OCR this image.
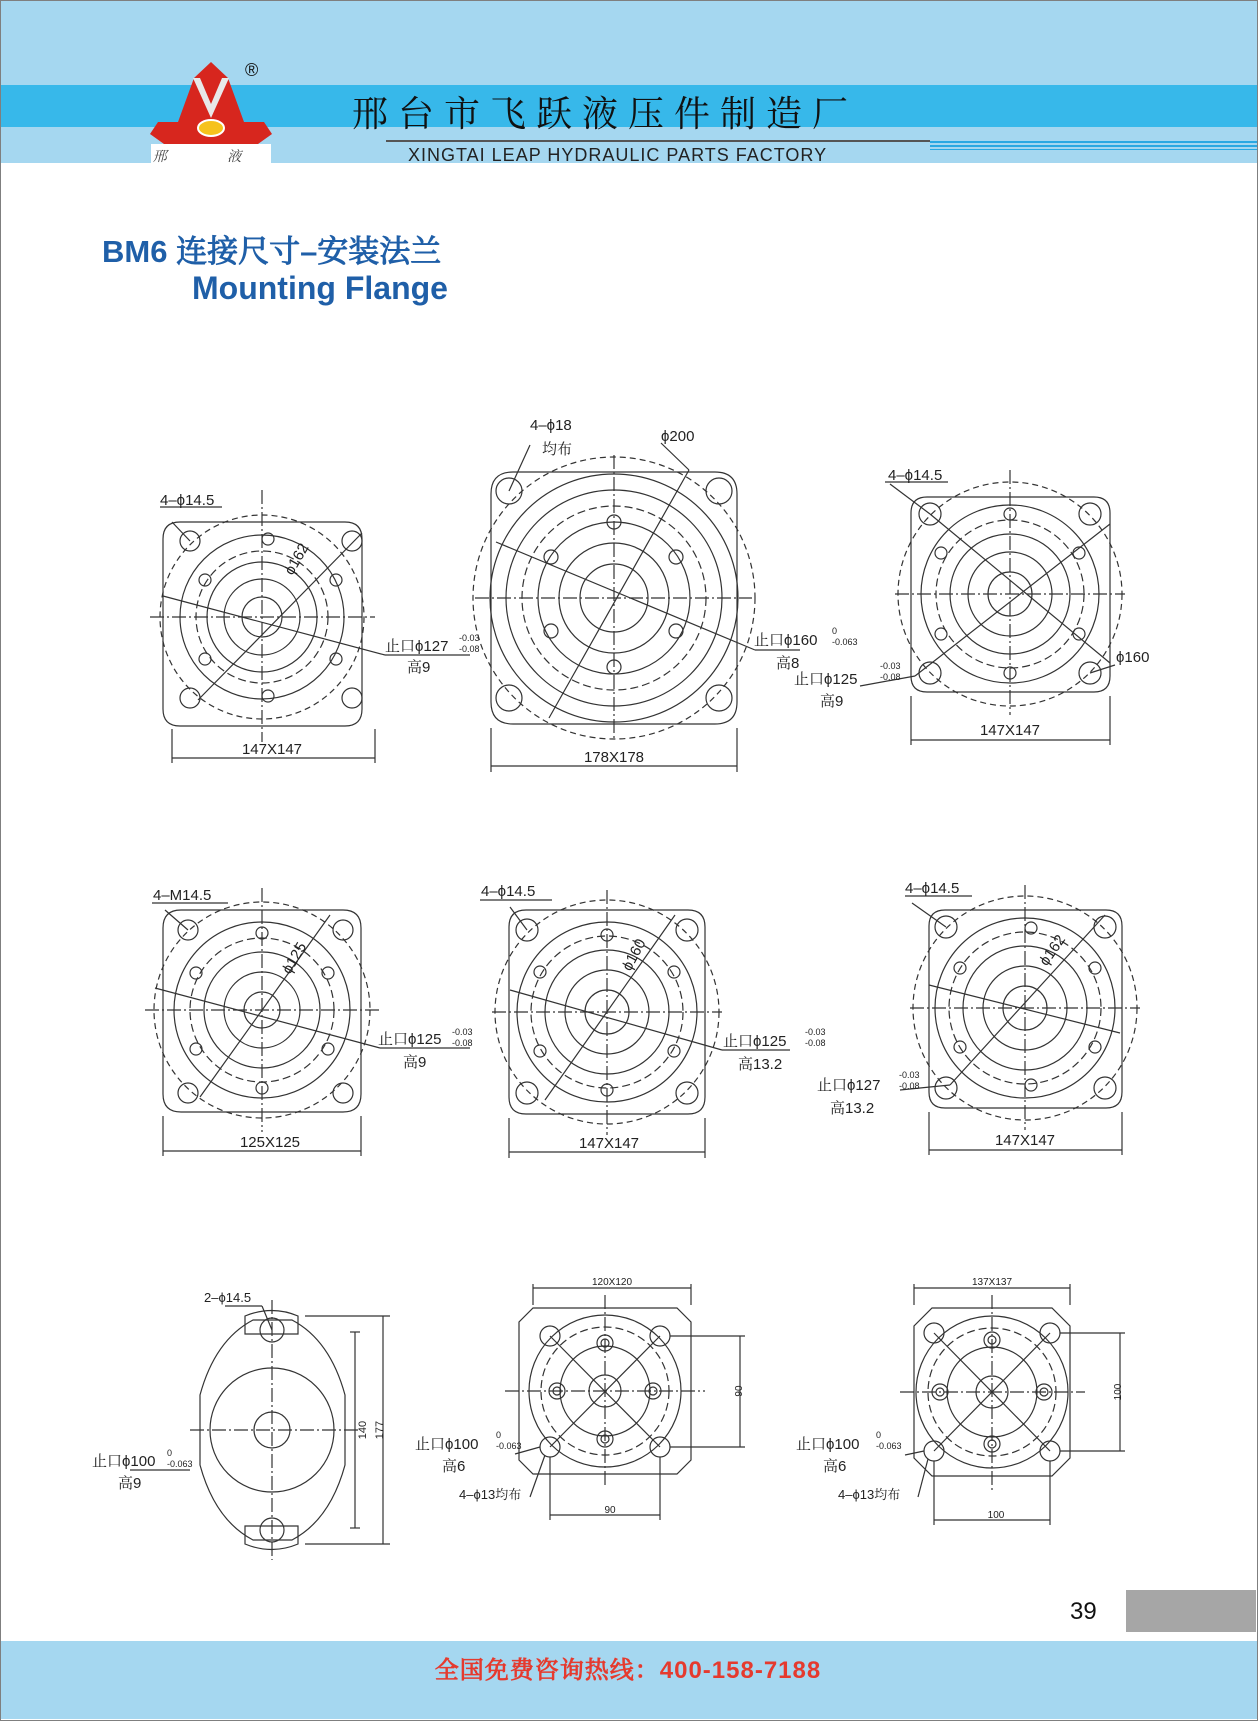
邢台市飞跃液压件制造厂
XINGTAI LEAP HYDRAULIC PARTS FACTORY
邢 液
®
BM6 连接尺寸–安装法兰
Mounting Flange
4–ϕ14.5
ϕ162
止口ϕ127 -0.03
-0.08
高9
147X147
4–ϕ18
均布
ϕ200
止口ϕ160
0
-0.063
高8
178X178
4–ϕ14.5
ϕ160
止口ϕ125
-0.03
-0.08
高9
147X147
4–M14.5
ϕ125
止口ϕ125 -0.03
-0.08
高9
125X125
4–ϕ14.5
ϕ160
止口ϕ125
-0.03
-0.08
高13.2
147X147
4–ϕ14.5
ϕ162
止口ϕ127
-0.03
-0.08
高13.2
147X147
2–ϕ14.5
140 177
止口ϕ100 0
-0.063
高9
120X120
90
90
止口ϕ100
0
-0.063
高6
4–ϕ13均布
137X137
100
100
止口ϕ100
0
-0.063
高6
4–ϕ13均布
39
全国免费咨询热线：400-158-7188
